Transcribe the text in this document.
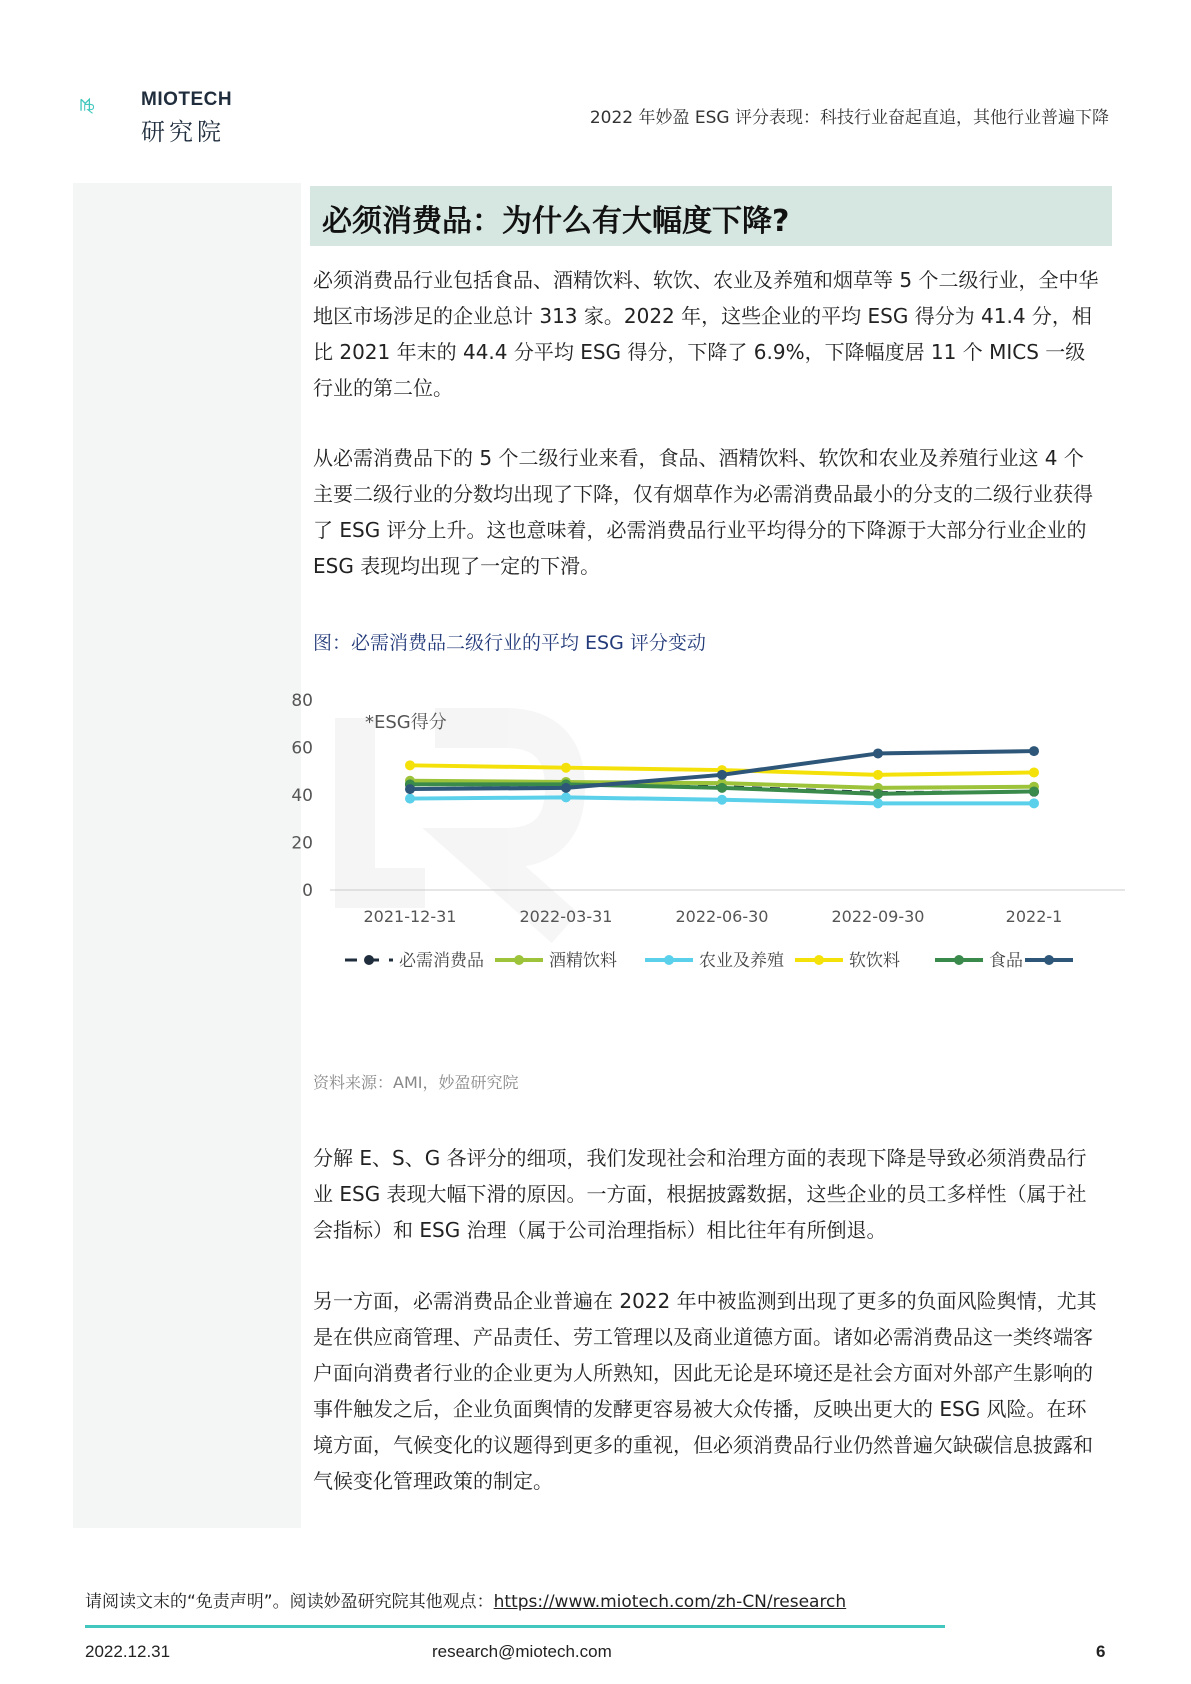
MIOTECH
研究院	2022 年妙盈 ESG 评分表现：科技行业奋起直追，其他行业普遍下降
必须消费品：为什么有大幅度下降?
必须消费品行业包括食品、酒精饮料、软饮、农业及养殖和烟草等 5 个二级行业，全中华地区市场涉足的企业总计 313 家。2022 年，这些企业的平均 ESG 得分为 41.4 分，相比 2021 年末的 44.4 分平均 ESG 得分，下降了 6.9%，下降幅度居 11 个 MICS 一级行业的第二位。
从必需消费品下的 5 个二级行业来看，食品、酒精饮料、软饮和农业及养殖行业这 4 个主要二级行业的分数均出现了下降，仅有烟草作为必需消费品最小的分支的二级行业获得了 ESG 评分上升。这也意味着，必需消费品行业平均得分的下降源于大部分行业企业的 ESG 表现均出现了一定的下滑。
图：必需消费品二级行业的平均 ESG 评分变动
0
20
40
60
80
2021-12-31	2022-03-31	2022-06-30	2022-09-30	2022-1
必需消费品	酒精饮料	农业及养殖	软饮料	食品
*ESG得分
资料来源：AMI，妙盈研究院
分解 E、S、G 各评分的细项，我们发现社会和治理方面的表现下降是导致必须消费品行业 ESG 表现大幅下滑的原因。一方面，根据披露数据，这些企业的员工多样性（属于社会指标）和 ESG 治理（属于公司治理指标）相比往年有所倒退。
另一方面，必需消费品企业普遍在 2022 年中被监测到出现了更多的负面风险舆情，尤其是在供应商管理、产品责任、劳工管理以及商业道德方面。诸如必需消费品这一类终端客户面向消费者行业的企业更为人所熟知，因此无论是环境还是社会方面对外部产生影响的事件触发之后，企业负面舆情的发酵更容易被大众传播，反映出更大的 ESG 风险。在环境方面，气候变化的议题得到更多的重视，但必须消费品行业仍然普遍欠缺碳信息披露和气候变化管理政策的制定。
请阅读文末的“免责声明”。阅读妙盈研究院其他观点：https://www.miotech.com/zh-CN/research
2022.12.31	research@miotech.com	6
